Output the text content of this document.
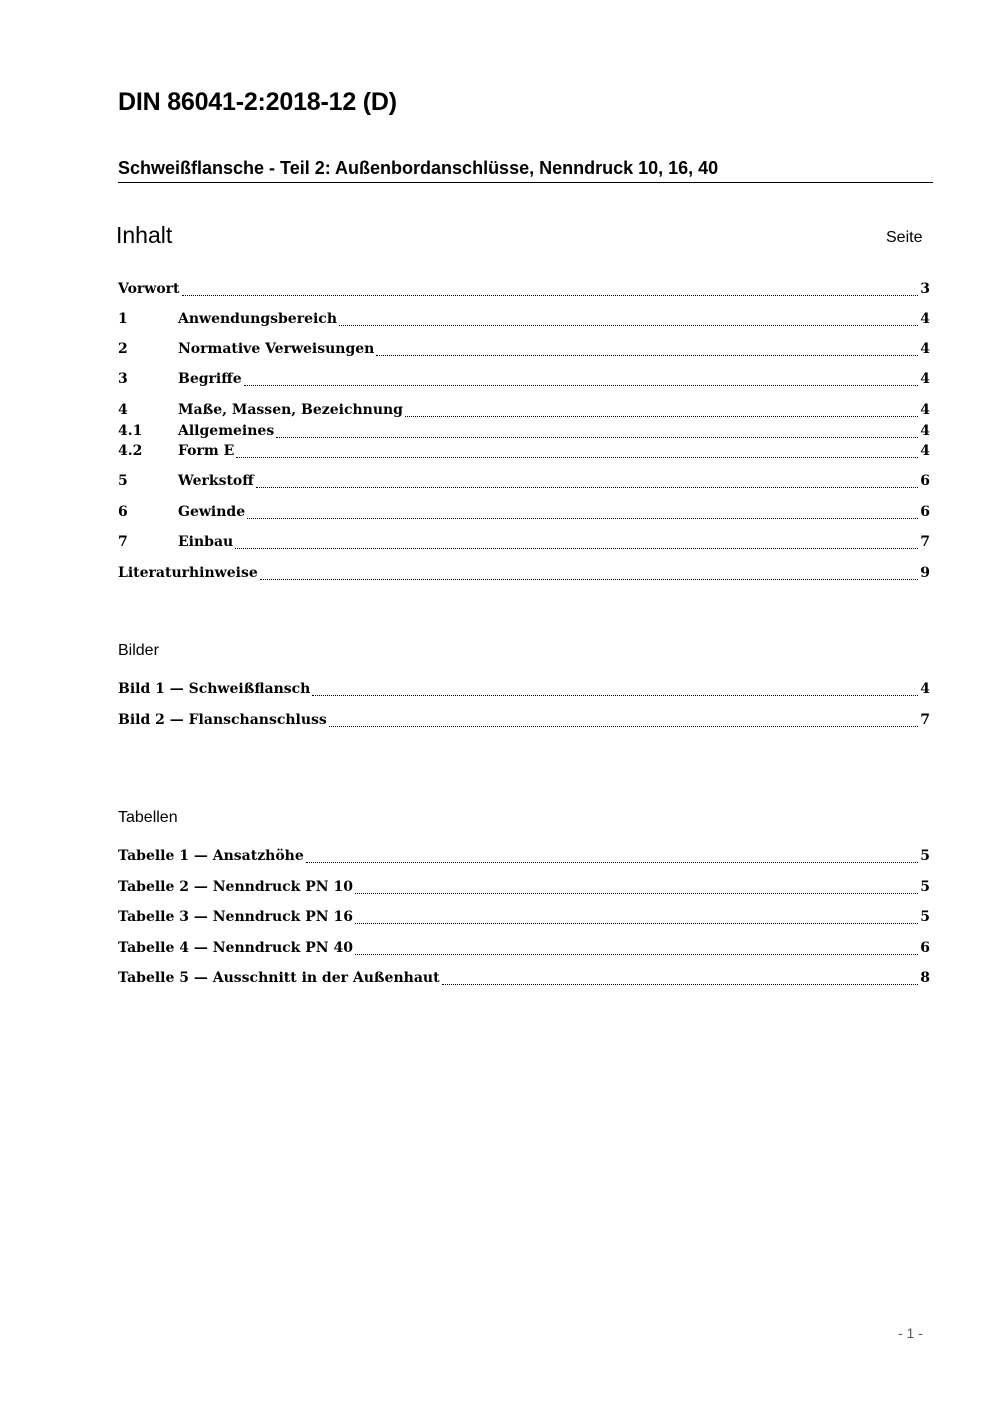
DIN 86041-2:2018-12 (D)
Schweißflansche - Teil 2: Außenbordanschlüsse, Nenndruck 10, 16, 40
Inhalt	Seite
Vorwort	3
1	Anwendungsbereich	4
2	Normative Verweisungen	4
3	Begriffe	4
4	Maße, Massen, Bezeichnung	4
4.1	Allgemeines	4
4.2	Form E	4
5	Werkstoff	6
6	Gewinde	6
7	Einbau	7
Literaturhinweise	9
Bilder
Bild 1 — Schweißflansch	4
Bild 2 — Flanschanschluss	7
Tabellen
Tabelle 1 — Ansatzhöhe	5
Tabelle 2 — Nenndruck PN 10	5
Tabelle 3 — Nenndruck PN 16	5
Tabelle 4 — Nenndruck PN 40	6
Tabelle 5 — Ausschnitt in der Außenhaut	8
- 1 -
